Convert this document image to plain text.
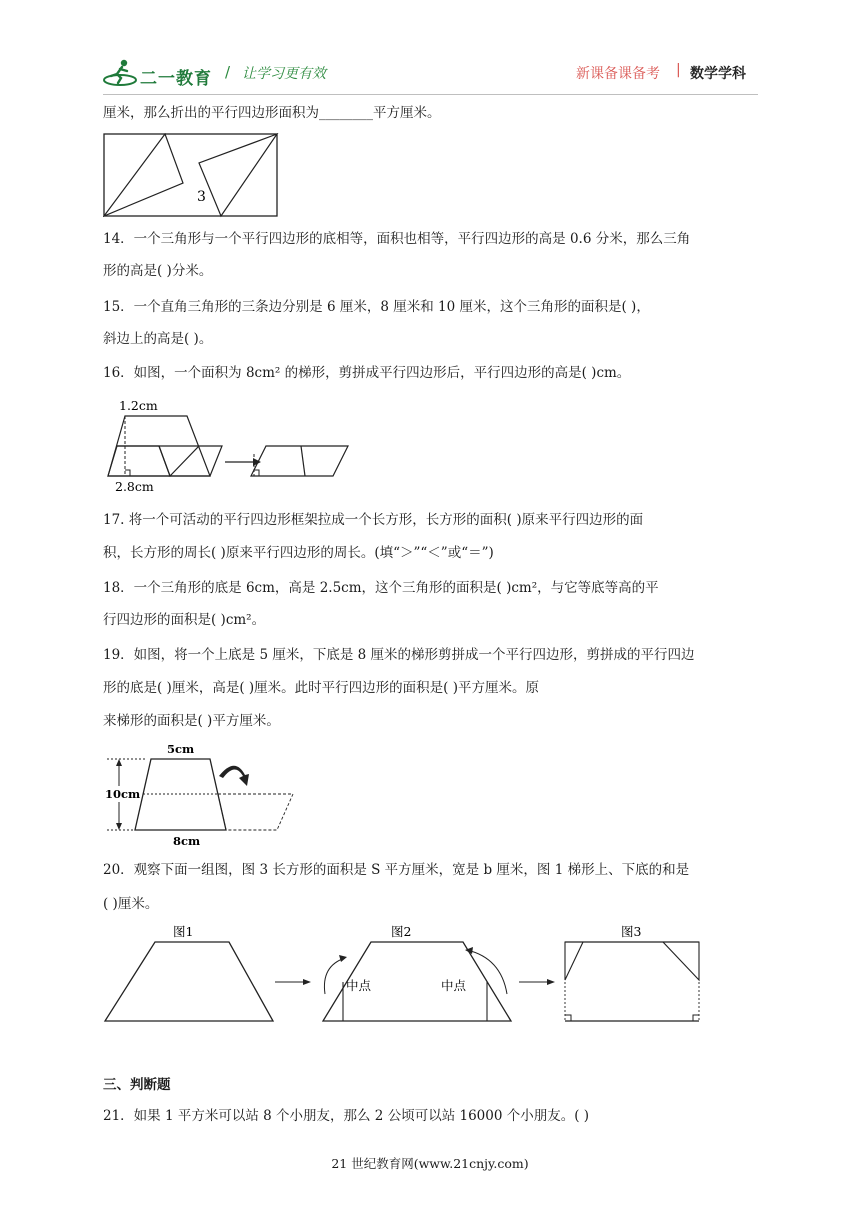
二一教育 / 让学习更有效	新课备课备考 | 数学学科
厘米，那么折出的平行四边形面积为________平方厘米。
3
14．一个三角形与一个平行四边形的底相等，面积也相等，平行四边形的高是 0.6 分米，那么三角
形的高是( )分米。
15．一个直角三角形的三条边分别是 6 厘米，8 厘米和 10 厘米，这个三角形的面积是( )，
斜边上的高是( )。
16．如图，一个面积为 8cm² 的梯形，剪拼成平行四边形后，平行四边形的高是( )cm。
1.2cm
2.8cm
17. 将一个可活动的平行四边形框架拉成一个长方形，长方形的面积( )原来平行四边形的面
积，长方形的周长( )原来平行四边形的周长。(填“＞”“＜”或“＝”)
18．一个三角形的底是 6cm，高是 2.5cm，这个三角形的面积是( )cm²，与它等底等高的平
行四边形的面积是( )cm²。
19．如图，将一个上底是 5 厘米，下底是 8 厘米的梯形剪拼成一个平行四边形，剪拼成的平行四边
形的底是( )厘米，高是( )厘米。此时平行四边形的面积是( )平方厘米。原
来梯形的面积是( )平方厘米。
5cm
10cm
8cm
20．观察下面一组图，图 3 长方形的面积是 S 平方厘米，宽是 b 厘米，图 1 梯形上、下底的和是
( )厘米。
图1	图2
中点	中点
图3
三、判断题
21．如果 1 平方米可以站 8 个小朋友，那么 2 公顷可以站 16000 个小朋友。( )
21 世纪教育网(www.21cnjy.com)
